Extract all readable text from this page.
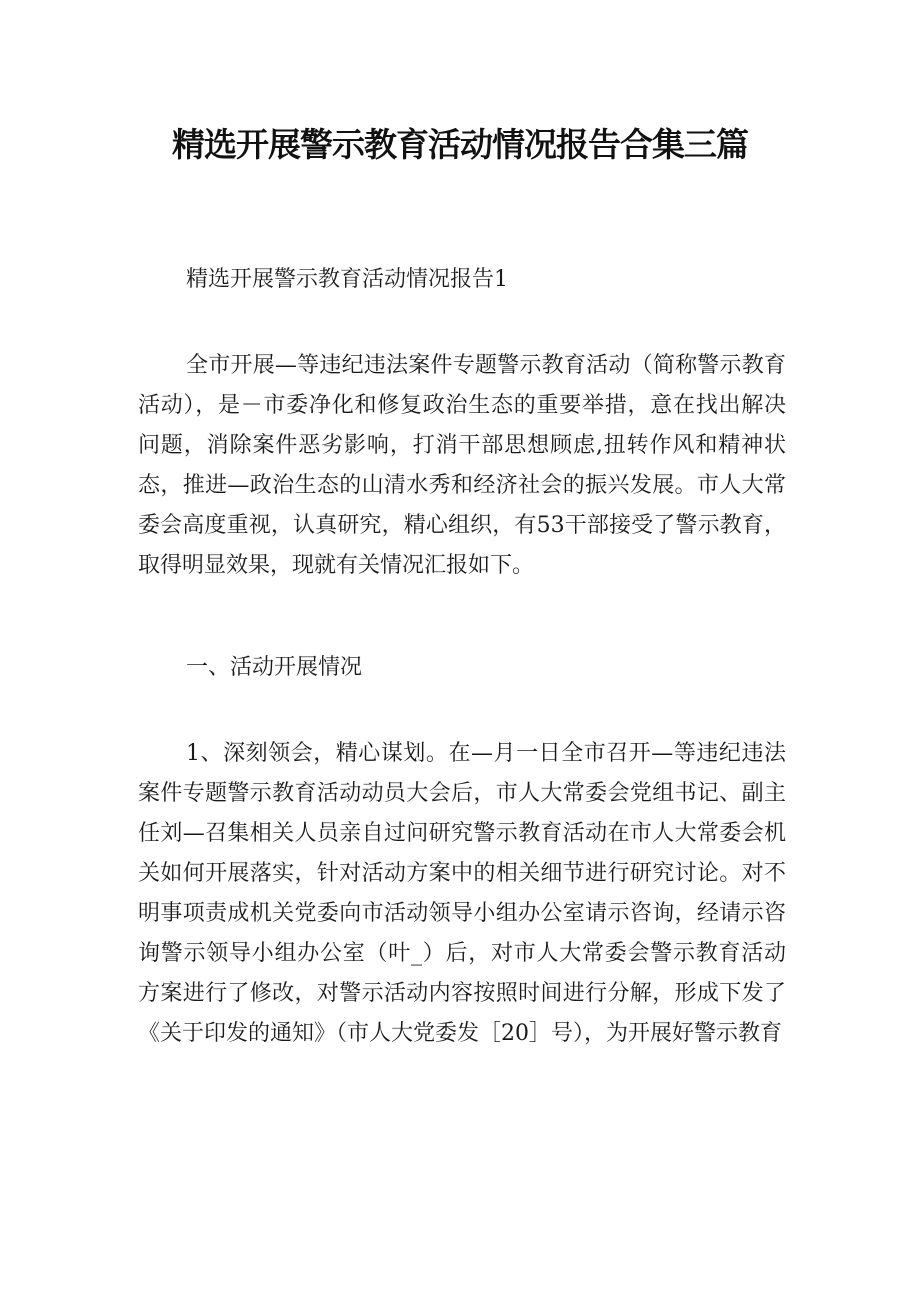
精选开展警示教育活动情况报告合集三篇

精选开展警示教育活动情况报告1

全市开展—等违纪违法案件专题警示教育活动（简称警示教育活动），是－市委净化和修复政治生态的重要举措，意在找出解决问题，消除案件恶劣影响，打消干部思想顾虑,扭转作风和精神状态，推进—政治生态的山清水秀和经济社会的振兴发展。市人大常委会高度重视，认真研究，精心组织，有53干部接受了警示教育，取得明显效果，现就有关情况汇报如下。

一、活动开展情况

1、深刻领会，精心谋划。在—月一日全市召开—等违纪违法案件专题警示教育活动动员大会后，市人大常委会党组书记、副主任刘—召集相关人员亲自过问研究警示教育活动在市人大常委会机关如何开展落实，针对活动方案中的相关细节进行研究讨论。对不明事项责成机关党委向市活动领导小组办公室请示咨询，经请示咨询警示领导小组办公室（叶_）后，对市人大常委会警示教育活动方案进行了修改，对警示活动内容按照时间进行分解，形成下发了《关于印发的通知》（市人大党委发［20］号），为开展好警示教育
